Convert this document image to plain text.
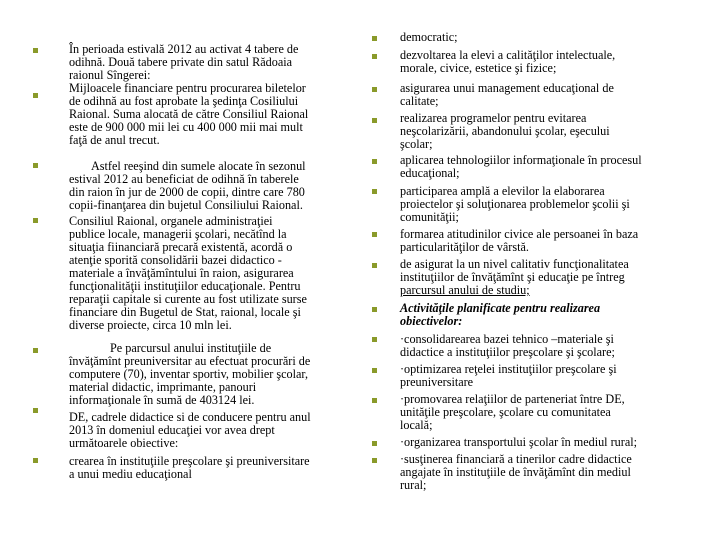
În perioada estivală 2012 au activat 4 tabere de
odihnă. Două tabere private din satul Rădoaia
raionul Sîngerei:
Mijloacele financiare pentru procurarea biletelor
de odihnă au fost aprobate la şedinţa Cosiliului
Raional. Suma alocată de către Consiliul Raional
este de 900 000 mii lei cu 400 000 mii mai mult
faţă de anul trecut.
Astfel reeşind din sumele alocate în sezonul
estival 2012 au beneficiat de odihnă în taberele
din raion în jur de 2000 de copii, dintre care 780
copii-finanţarea din bujetul Consiliului Raional.
Consiliul Raional, organele administraţiei
publice locale, managerii şcolari, necătînd la
situaţia fiinanciară precară existentă, acordă o
atenţie sporită consolidării bazei didactico -
materiale a învăţămîntului în raion, asigurarea
funcţionalităţii instituţiilor educaţionale. Pentru
reparaţii capitale si curente au fost utilizate surse
financiare din Bugetul de Stat, raional, locale şi
diverse proiecte, circa 10 mln lei.
Pe parcursul anului instituţiile de
învăţămînt preuniversitar au efectuat procurări de
computere (70), inventar sportiv, mobilier şcolar,
material didactic, imprimante, panouri
informaţionale în sumă de 403124 lei.
DE, cadrele didactice si de conducere pentru anul
2013 în domeniul educaţiei vor avea drept
următoarele obiective:
crearea în instituţiile preşcolare şi preuniversitare
a unui mediu educaţional
democratic;
dezvoltarea la elevi a calităţilor intelectuale,
morale, civice, estetice şi fizice;
asigurarea unui management educaţional de
calitate;
realizarea programelor pentru evitarea
neşcolarizării, abandonului şcolar, eşecului
şcolar;
aplicarea tehnologiilor informaţionale în procesul
educaţional;
participarea amplă a elevilor la elaborarea
proiectelor şi soluţionarea problemelor şcolii şi
comunităţii;
formarea atitudinilor civice ale persoanei în baza
particularităţilor de vârstă.
de asigurat la un nivel calitativ funcţionalitatea
instituţiilor de învăţămînt şi educaţie pe întreg
parcursul anului de studiu;
Activităţile planificate pentru realizarea
obiectivelor:
·consolidarearea bazei tehnico –materiale şi
didactice a instituţiilor preşcolare şi şcolare;
·optimizarea reţelei instituţiilor preşcolare şi
preuniversitare
·promovarea relaţiilor de parteneriat între DE,
unităţile preşcolare, şcolare cu comunitatea
locală;
·organizarea transportului şcolar în mediul rural;
·susţinerea financiară a tinerilor cadre didactice
angajate în instituţiile de învăţămînt din mediul
rural;
